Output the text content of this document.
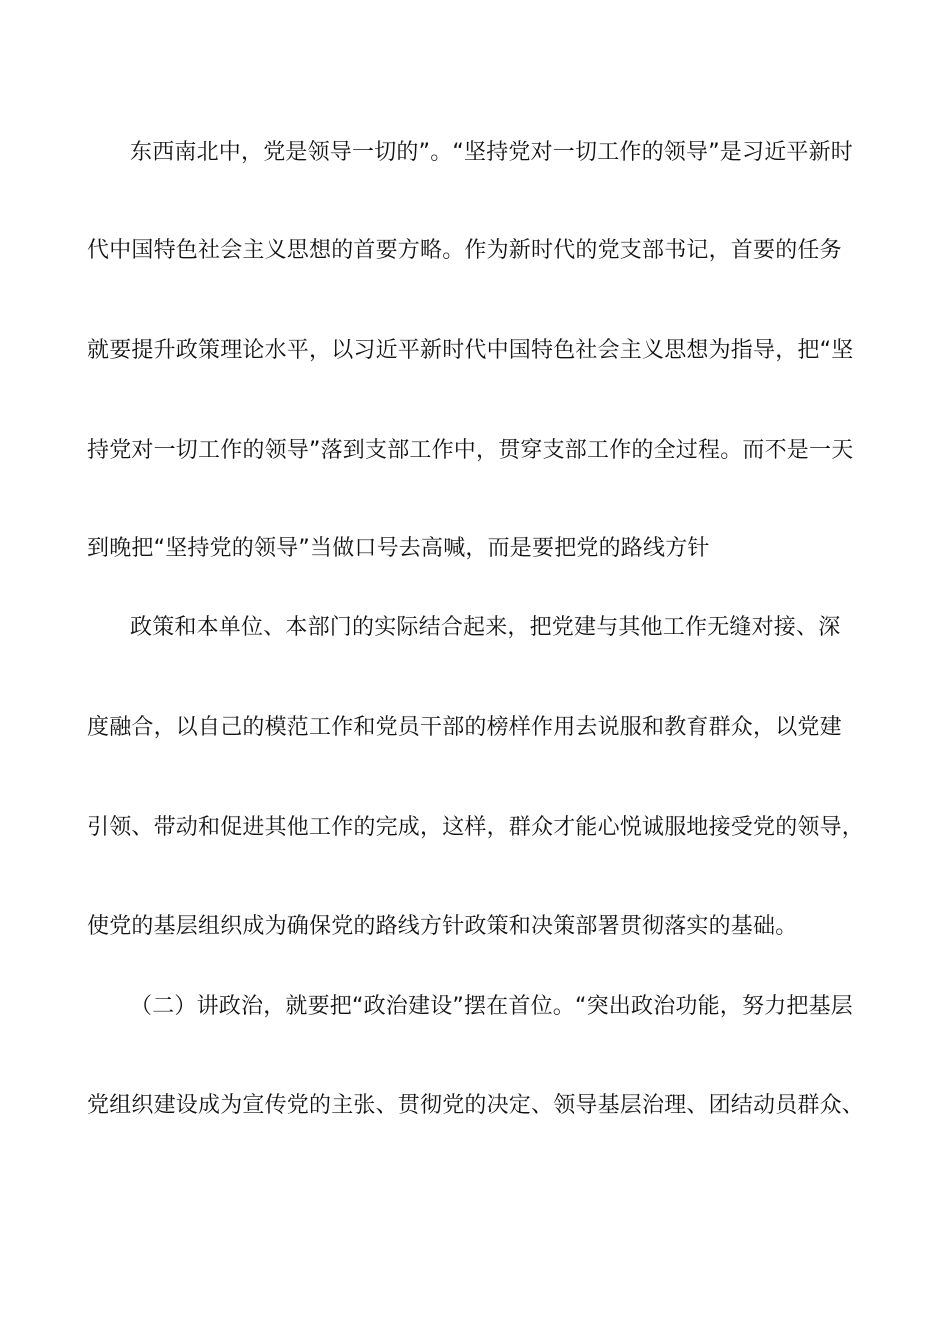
东西南北中，党是领导一切的”。“坚持党对一切工作的领导”是习近平新时
代中国特色社会主义思想的首要方略。作为新时代的党支部书记，首要的任务
就要提升政策理论水平，以习近平新时代中国特色社会主义思想为指导，把“坚
持党对一切工作的领导”落到支部工作中，贯穿支部工作的全过程。而不是一天
到晚把“坚持党的领导”当做口号去高喊，而是要把党的路线方针
政策和本单位、本部门的实际结合起来，把党建与其他工作无缝对接、深
度融合，以自己的模范工作和党员干部的榜样作用去说服和教育群众，以党建
引领、带动和促进其他工作的完成，这样，群众才能心悦诚服地接受党的领导，
使党的基层组织成为确保党的路线方针政策和决策部署贯彻落实的基础。
（二）讲政治，就要把“政治建设”摆在首位。“突出政治功能，努力把基层
党组织建设成为宣传党的主张、贯彻党的决定、领导基层治理、团结动员群众、
